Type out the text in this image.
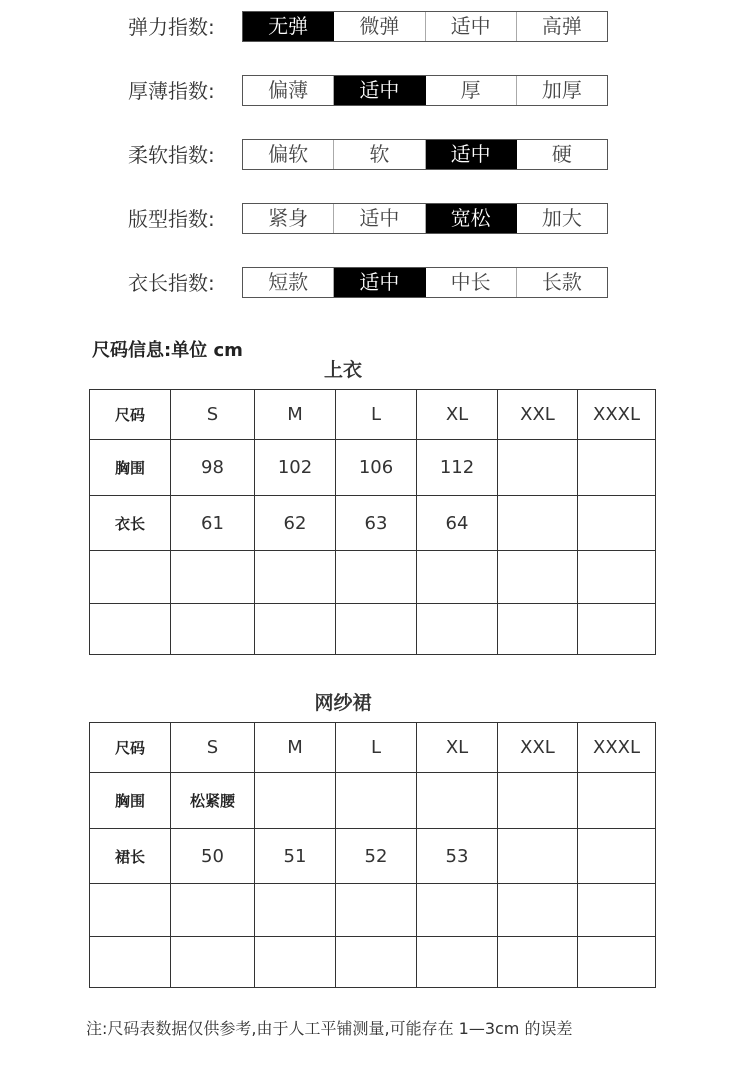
弹力指数:	无弹	微弹	适中	高弹
厚薄指数:	偏薄	适中	厚	加厚
柔软指数:	偏软	软	适中	硬
版型指数:	紧身	适中	宽松	加大
衣长指数:	短款	适中	中长	长款
尺码信息:单位 cm
上衣
尺码	S	M	L	XL	XXL	XXXL
胸围	98	102	106	112		
衣长	61	62	63	64		

网纱裙
尺码	S	M	L	XL	XXL	XXXL
胸围	松紧腰					
裙长	50	51	52	53		

注:尺码表数据仅供参考,由于人工平铺测量,可能存在 1—3cm 的误差
